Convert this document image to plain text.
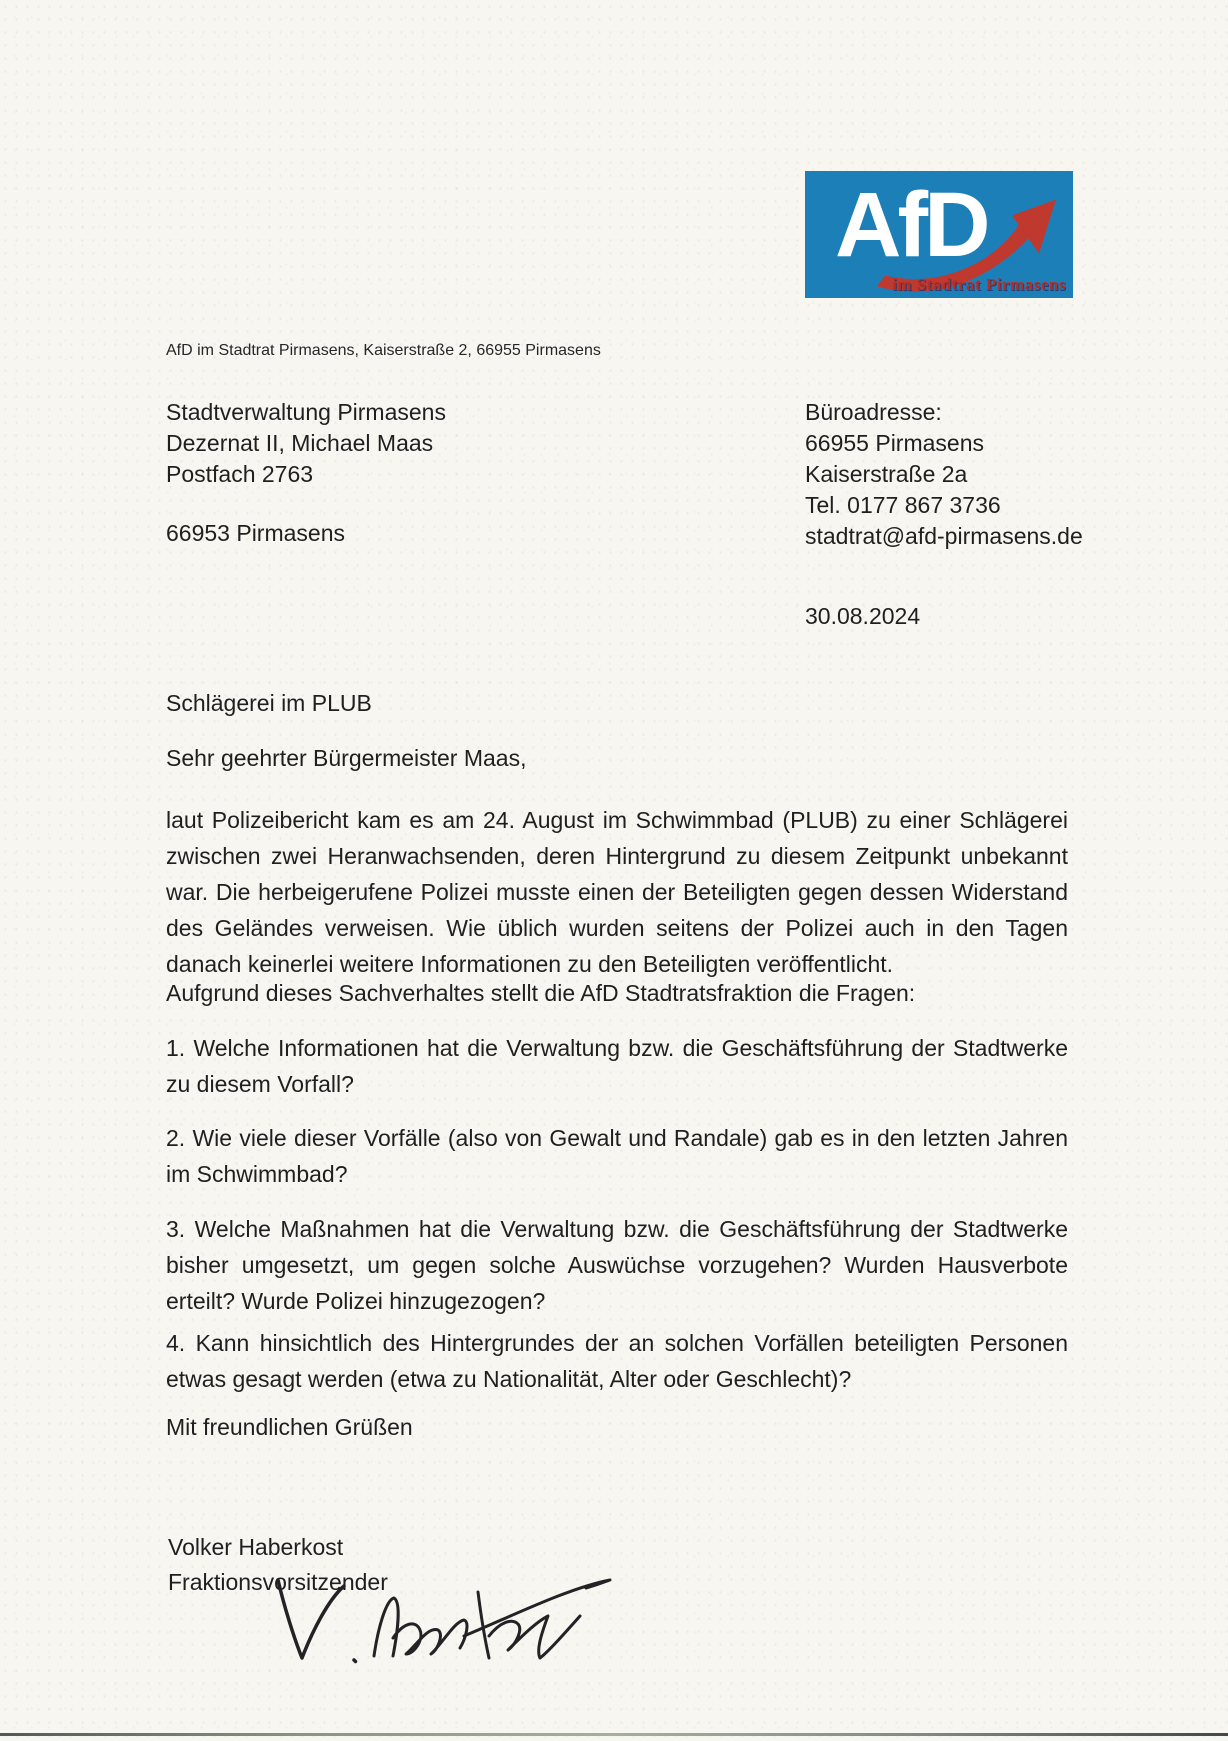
AfD
im Stadtrat Pirmasens
AfD im Stadtrat Pirmasens, Kaiserstraße 2, 66955 Pirmasens
Stadtverwaltung Pirmasens
Dezernat II, Michael Maas
Postfach 2763
66953 Pirmasens
Büroadresse:
66955 Pirmasens
Kaiserstraße 2a
Tel. 0177 867 3736
stadtrat@afd-pirmasens.de
30.08.2024
Schlägerei im PLUB
Sehr geehrter Bürgermeister Maas,
laut Polizeibericht kam es am 24. August im Schwimmbad (PLUB) zu einer Schlägerei zwischen zwei Heranwachsenden, deren Hintergrund zu diesem Zeitpunkt unbekannt war. Die herbeigerufene Polizei musste einen der Beteiligten gegen dessen Widerstand des Geländes verweisen. Wie üblich wurden seitens der Polizei auch in den Tagen danach keinerlei weitere Informationen zu den Beteiligten veröffentlicht.
Aufgrund dieses Sachverhaltes stellt die AfD Stadtratsfraktion die Fragen:
1. Welche Informationen hat die Verwaltung bzw. die Geschäftsführung der Stadtwerke zu diesem Vorfall?
2. Wie viele dieser Vorfälle (also von Gewalt und Randale) gab es in den letzten Jahren im Schwimmbad?
3. Welche Maßnahmen hat die Verwaltung bzw. die Geschäftsführung der Stadtwerke bisher umgesetzt, um gegen solche Auswüchse vorzugehen? Wurden Hausverbote erteilt? Wurde Polizei hinzugezogen?
4. Kann hinsichtlich des Hintergrundes der an solchen Vorfällen beteiligten Personen etwas gesagt werden (etwa zu Nationalität, Alter oder Geschlecht)?
Mit freundlichen Grüßen
Volker Haberkost
Fraktionsvorsitzender
